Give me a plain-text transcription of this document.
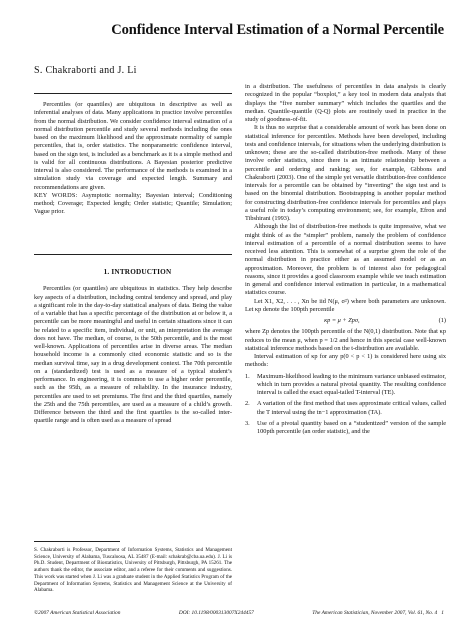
Confidence Interval Estimation of a Normal Percentile
S. Chakraborti and J. Li

Percentiles (or quantiles) are ubiquitous in descriptive as well as inferential analyses of data. Many applications in practice involve percentiles from the normal distribution. We consider confidence interval estimation of a normal distribution percentile and study several methods including the ones based on the maximum likelihood and the approximate normality of sample percentiles, that is, order statistics. The nonparametric confidence interval, based on the sign test, is included as a benchmark as it is a simple method and is valid for all continuous distributions. A Bayesian posterior predictive interval is also considered. The performance of the methods is examined in a simulation study via coverage and expected length. Summary and recommendations are given.

KEY WORDS: Asymptotic normality; Bayesian interval; Conditioning method; Coverage; Expected length; Order statistic; Quantile; Simulation; Vague prior.

1. INTRODUCTION

Percentiles (or quantiles) are ubiquitous in statistics. They help describe key aspects of a distribution, including central tendency and spread, and play a significant role in the day-to-day statistical analyses of data. Being the value of a variable that has a specific percentage of the distribution at or below it, a percentile can be more meaningful and useful in certain situations since it can be related to a specific item, individual, or unit, an interpretation the average does not have. The median, of course, is the 50th percentile, and is the most well-known. Applications of percentiles arise in diverse areas. The median household income is a commonly cited economic statistic and so is the median survival time, say in a drug development context. The 70th percentile on a (standardized) test is used as a measure of a typical student’s performance. In engineering, it is common to use a higher order percentile, such as the 95th, as a measure of reliability. In the insurance industry, percentiles are used to set premiums. The first and the third quartiles, namely the 25th and the 75th percentiles, are used as a measure of a child’s growth. Difference between the third and the first quartiles is the so-called inter-quartile range and is often used as a measure of spread

S. Chakraborti is Professor, Department of Information Systems, Statistics and Management Science, University of Alabama, Tuscaloosa, AL 35487 (E-mail: schakrab@cba.ua.edu). J. Li is Ph.D. Student, Department of Biostatistics, University of Pittsburgh, Pittsburgh, PA 15261. The authors thank the editor, the associate editor, and a referee for their comments and suggestions. This work was started when J. Li was a graduate student in the Applied Statistics Program of the Department of Information Systems, Statistics and Management Science at the University of Alabama.

in a distribution. The usefulness of percentiles in data analysis is clearly recognized in the popular “boxplot,” a key tool in modern data analysis that displays the “five number summary” which includes the quartiles and the median. Quantile-quantile (Q-Q) plots are routinely used in practice in the study of goodness-of-fit.

It is thus no surprise that a considerable amount of work has been done on statistical inference for percentiles. Methods have been developed, including tests and confidence intervals, for situations when the underlying distribution is unknown; these are the so-called distribution-free methods. Many of these involve order statistics, since there is an intimate relationship between a percentile and ordering and ranking; see, for example, Gibbons and Chakraborti (2003). One of the simple yet versatile distribution-free confidence intervals for a percentile can be obtained by “inverting” the sign test and is based on the binomial distribution. Bootstrapping is another popular method for constructing distribution-free confidence intervals for percentiles and plays a useful role in today’s computing environment; see, for example, Efron and Tibshirani (1993).

Although the list of distribution-free methods is quite impressive, what we might think of as the “simpler” problem, namely the problem of confidence interval estimation of a percentile of a normal distribution seems to have received less attention. This is somewhat of a surprise given the role of the normal distribution in practice either as an assumed model or as an approximation. Moreover, the problem is of interest also for pedagogical reasons, since it provides a good classroom example while we teach estimation in general and confidence interval estimation in particular, in a mathematical statistics course.

Let X1, X2, . . . , Xn be iid N(μ, σ²) where both parameters are unknown. Let κp denote the 100pth percentile

κp = μ + Zpσ,	(1)

where Zp denotes the 100pth percentile of the N(0,1) distribution. Note that κp reduces to the mean μ, when p = 1/2 and hence in this special case well-known statistical inference methods based on the t-distribution are available.

Interval estimation of κp for any p(0 < p < 1) is considered here using six methods:

1. Maximum-likelihood leading to the minimum variance unbiased estimator, which in turn provides a natural pivotal quantity. The resulting confidence interval is called the exact equal-tailed T-interval (TE).
2. A variation of the first method that uses approximate critical values, called the T interval using the tn−1 approximation (TA).
3. Use of a pivotal quantity based on a “studentized” version of the sample 100pth percentile (an order statistic), and the
©2007 American Statistical Association	DOI: 10.1198/000313007X244457	The American Statistician, November 2007, Vol. 61, No. 4 1
